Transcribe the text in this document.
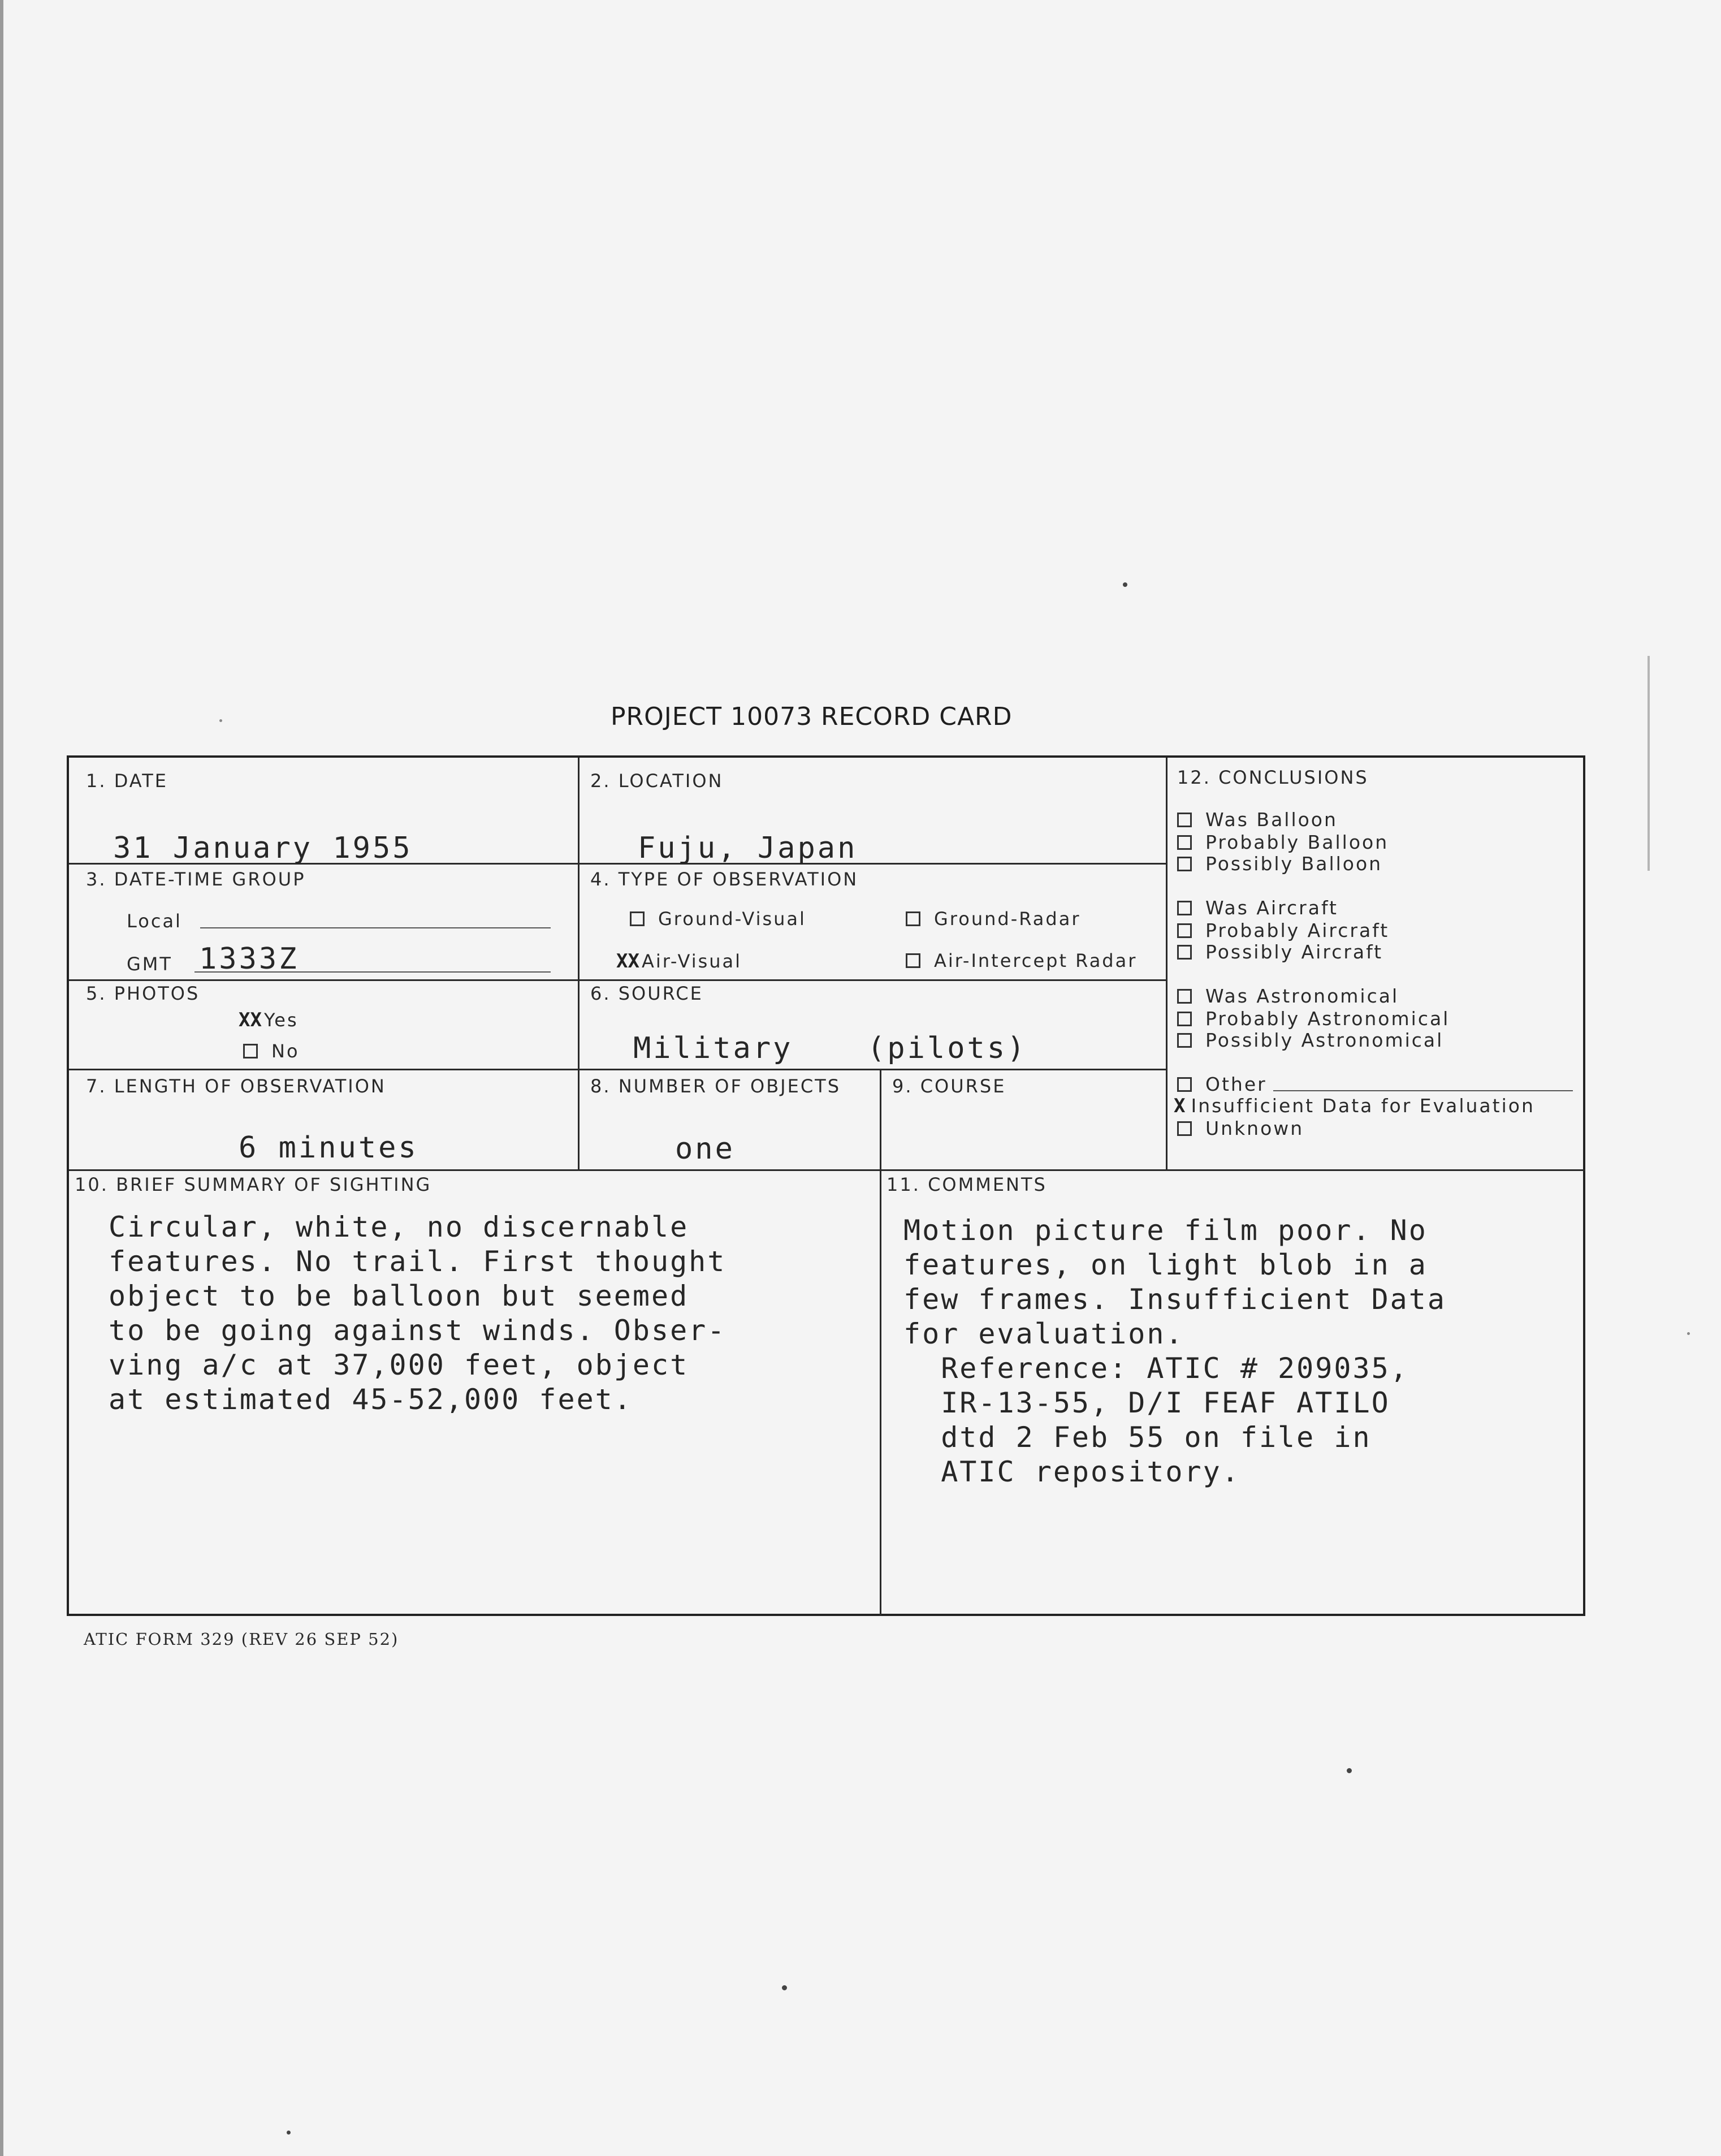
PROJECT 10073 RECORD CARD
1. DATE
31 January 1955
2. LOCATION
Fuju, Japan
3. DATE-TIME GROUP
Local
GMT 1333Z
4. TYPE OF OBSERVATION
Ground-Visual	Ground-Radar
XX Air-Visual	Air-Intercept Radar
5. PHOTOS
XX Yes
No
6. SOURCE
Military	(pilots)
7. LENGTH OF OBSERVATION
6 minutes
8. NUMBER OF OBJECTS
one
9. COURSE
10. BRIEF SUMMARY OF SIGHTING
Circular, white, no discernable
features. No trail. First thought
object to be balloon but seemed
to be going against winds. Obser-
ving a/c at 37,000 feet, object
at estimated 45-52,000 feet.
11. COMMENTS
Motion picture film poor. No
features, on light blob in a
few frames. Insufficient Data
for evaluation.
Reference: ATIC # 209035,
IR-13-55, D/I FEAF ATILO
dtd 2 Feb 55 on file in
ATIC repository.
12. CONCLUSIONS
Was Balloon
Probably Balloon
Possibly Balloon
Was Aircraft
Probably Aircraft
Possibly Aircraft
Was Astronomical
Probably Astronomical
Possibly Astronomical
Other
X Insufficient Data for Evaluation
Unknown
ATIC FORM 329 (REV 26 SEP 52)
